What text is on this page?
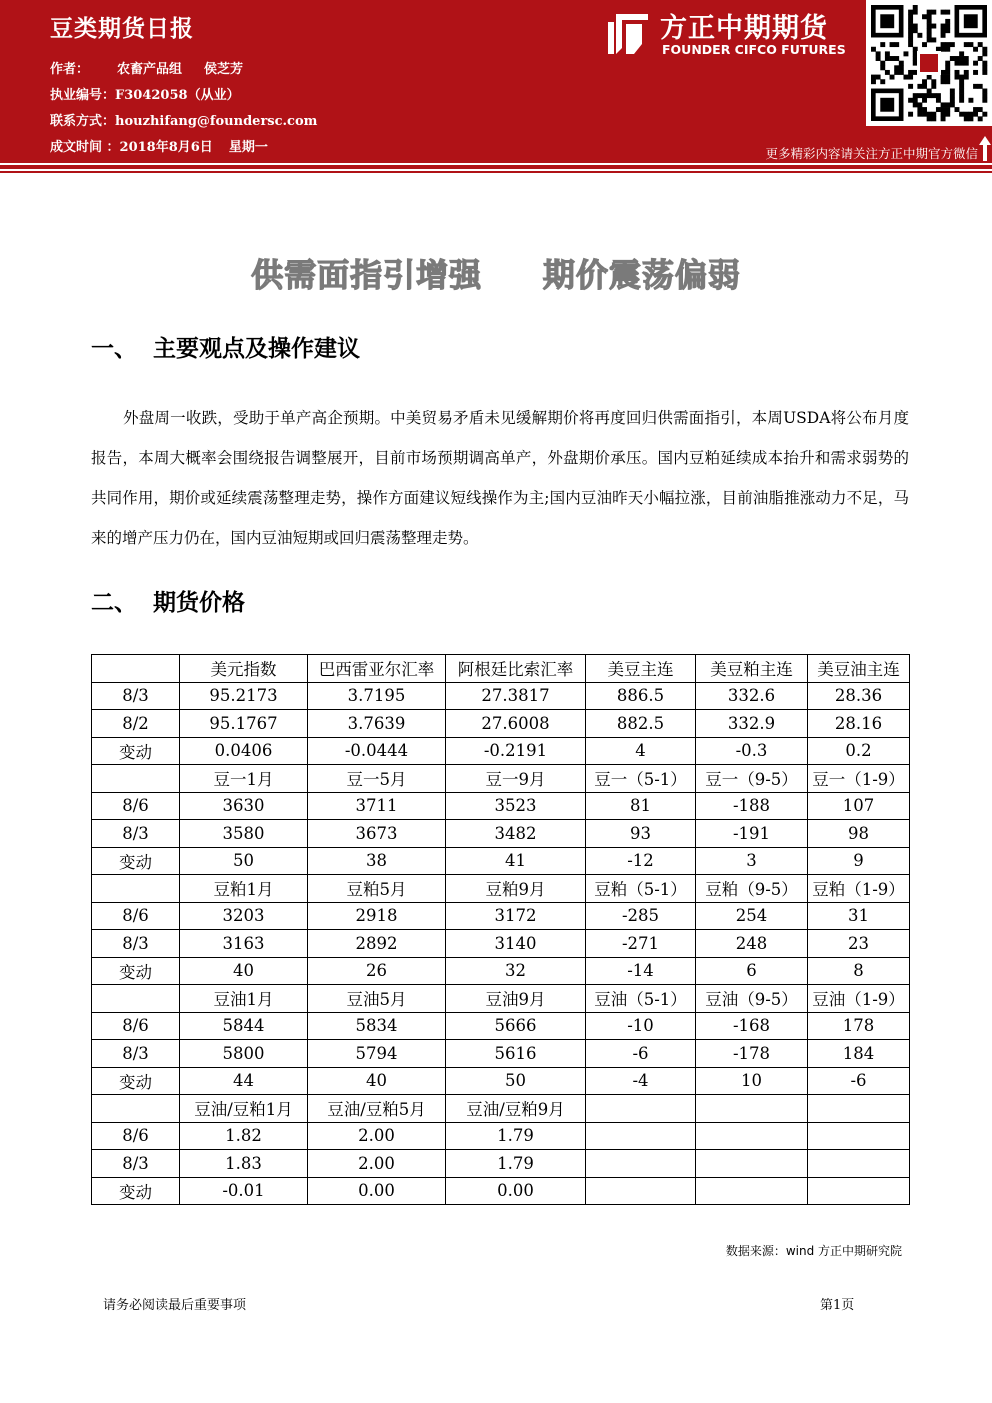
豆类期货日报
作者： 农畜产品组 侯芝芳
执业编号：F3042058（从业）
联系方式：houzhifang@foundersc.com
成文时间 ：2018年8月6日 星期一
方正中期期货
FOUNDER CIFCO FUTURES
更多精彩内容请关注方正中期官方微信
供需面指引增强     期价震荡偏弱
一、  主要观点及操作建议
外盘周一收跌，受助于单产高企预期。中美贸易矛盾未见缓解期价将再度回归供需面指引，本周USDA将公布月度报告，本周大概率会围绕报告调整展开，目前市场预期调高单产，外盘期价承压。国内豆粕延续成本抬升和需求弱势的共同作用，期价或延续震荡整理走势，操作方面建议短线操作为主;国内豆油昨天小幅拉涨，目前油脂推涨动力不足，马来的增产压力仍在，国内豆油短期或回归震荡整理走势。
二、  期货价格
	美元指数	巴西雷亚尔汇率	阿根廷比索汇率	美豆主连	美豆粕主连	美豆油主连
8/3	95.2173	3.7195	27.3817	886.5	332.6	28.36
8/2	95.1767	3.7639	27.6008	882.5	332.9	28.16
变动	0.0406	-0.0444	-0.2191	4	-0.3	0.2
	豆一1月	豆一5月	豆一9月	豆一（5-1）	豆一（9-5）	豆一（1-9）
8/6	3630	3711	3523	81	-188	107
8/3	3580	3673	3482	93	-191	98
变动	50	38	41	-12	3	9
	豆粕1月	豆粕5月	豆粕9月	豆粕（5-1）	豆粕（9-5）	豆粕（1-9）
8/6	3203	2918	3172	-285	254	31
8/3	3163	2892	3140	-271	248	23
变动	40	26	32	-14	6	8
	豆油1月	豆油5月	豆油9月	豆油（5-1）	豆油（9-5）	豆油（1-9）
8/6	5844	5834	5666	-10	-168	178
8/3	5800	5794	5616	-6	-178	184
变动	44	40	50	-4	10	-6
	豆油/豆粕1月	豆油/豆粕5月	豆油/豆粕9月			
8/6	1.82	2.00	1.79			
8/3	1.83	2.00	1.79			
变动	-0.01	0.00	0.00			
数据来源：wind 方正中期研究院
请务必阅读最后重要事项	第1页
